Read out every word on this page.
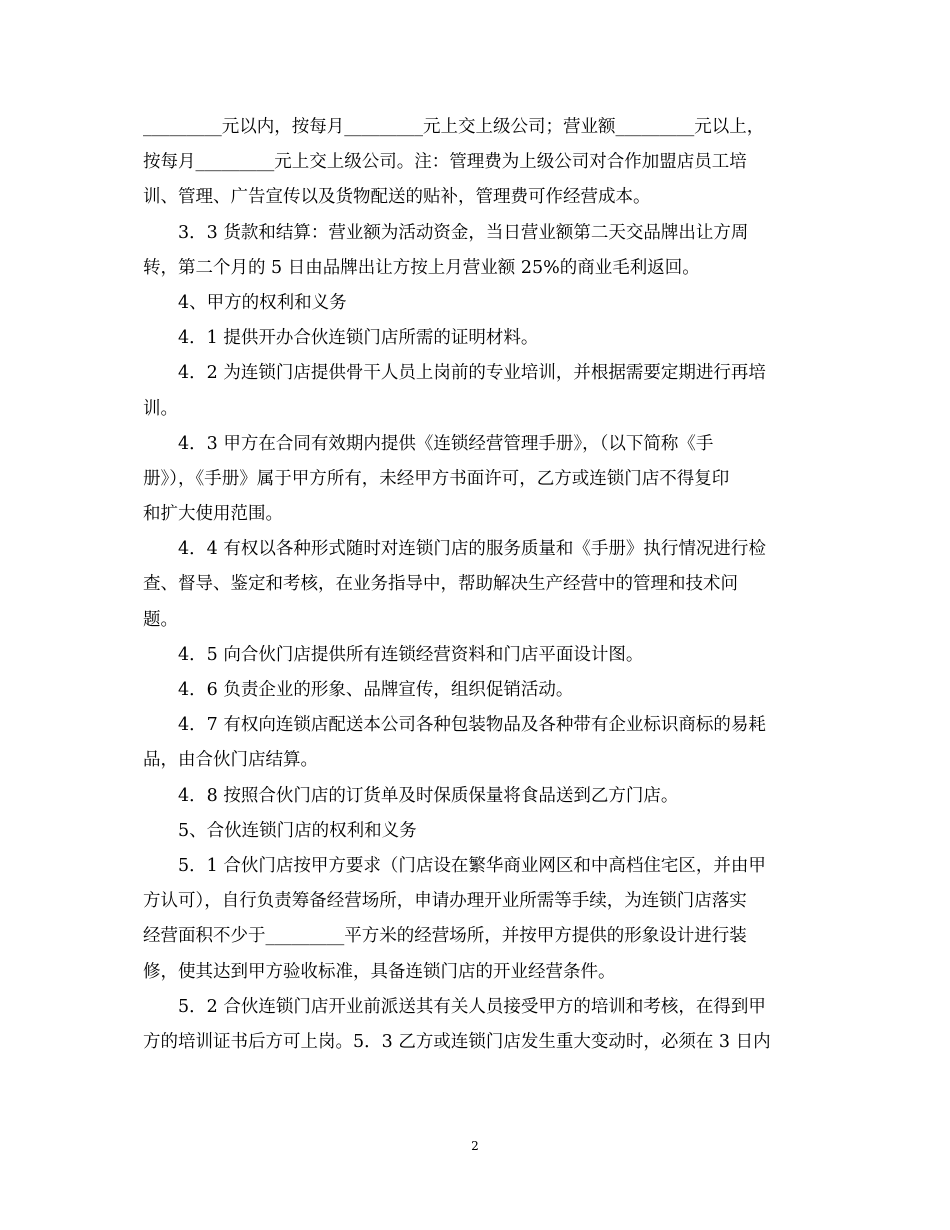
_________元以内，按每月_________元上交上级公司；营业额_________元以上，
按每月_________元上交上级公司。注：管理费为上级公司对合作加盟店员工培
训、管理、广告宣传以及货物配送的贴补，管理费可作经营成本。
3．3 货款和结算：营业额为活动资金，当日营业额第二天交品牌出让方周
转，第二个月的 5 日由品牌出让方按上月营业额 25%的商业毛利返回。
4、甲方的权利和义务
4．1 提供开办合伙连锁门店所需的证明材料。
4．2 为连锁门店提供骨干人员上岗前的专业培训，并根据需要定期进行再培
训。
4．3 甲方在合同有效期内提供《连锁经营管理手册》，（以下简称《手
册》），《手册》属于甲方所有，未经甲方书面许可，乙方或连锁门店不得复印
和扩大使用范围。
4．4 有权以各种形式随时对连锁门店的服务质量和《手册》执行情况进行检
查、督导、鉴定和考核，在业务指导中，帮助解决生产经营中的管理和技术问
题。
4．5 向合伙门店提供所有连锁经营资料和门店平面设计图。
4．6 负责企业的形象、品牌宣传，组织促销活动。
4．7 有权向连锁店配送本公司各种包装物品及各种带有企业标识商标的易耗
品，由合伙门店结算。
4．8 按照合伙门店的订货单及时保质保量将食品送到乙方门店。
5、合伙连锁门店的权利和义务
5．1 合伙门店按甲方要求（门店设在繁华商业网区和中高档住宅区，并由甲
方认可），自行负责筹备经营场所，申请办理开业所需等手续，为连锁门店落实
经营面积不少于_________平方米的经营场所，并按甲方提供的形象设计进行装
修，使其达到甲方验收标准，具备连锁门店的开业经营条件。
5．2 合伙连锁门店开业前派送其有关人员接受甲方的培训和考核，在得到甲
方的培训证书后方可上岗。5．3 乙方或连锁门店发生重大变动时，必须在 3 日内
2
